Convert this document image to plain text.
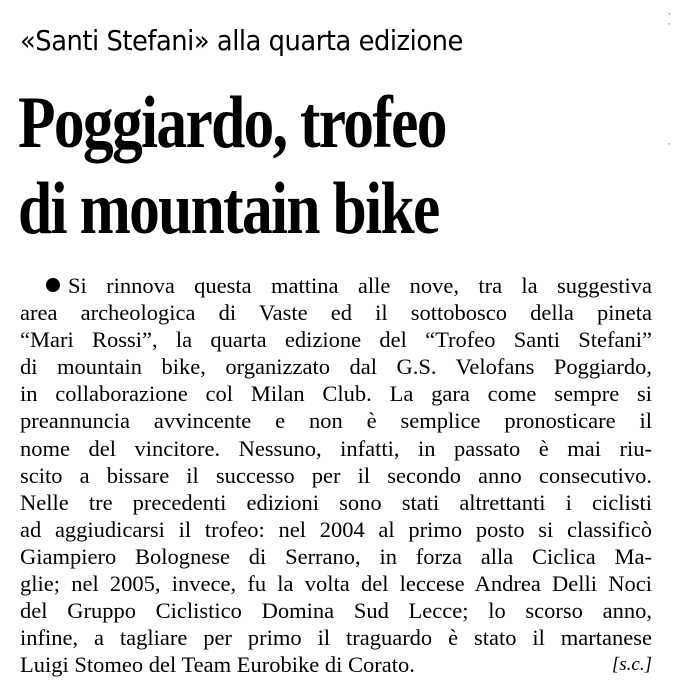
«Santi Stefani» alla quarta edizione
Poggiardo, trofeo
di mountain bike
Si rinnova questa mattina alle nove, tra la suggestiva
area archeologica di Vaste ed il sottobosco della pineta
“Mari Rossi”, la quarta edizione del “Trofeo Santi Stefani”
di mountain bike, organizzato dal G.S. Velofans Poggiardo,
in collaborazione col Milan Club. La gara come sempre si
preannuncia avvincente e non è semplice pronosticare il
nome del vincitore. Nessuno, infatti, in passato è mai riu-
scito a bissare il successo per il secondo anno consecutivo.
Nelle tre precedenti edizioni sono stati altrettanti i ciclisti
ad aggiudicarsi il trofeo: nel 2004 al primo posto si classificò
Giampiero Bolognese di Serrano, in forza alla Ciclica Ma-
glie; nel 2005, invece, fu la volta del leccese Andrea Delli Noci
del Gruppo Ciclistico Domina Sud Lecce; lo scorso anno,
infine, a tagliare per primo il traguardo è stato il martanese
Luigi Stomeo del Team Eurobike di Corato.	[s.c.]
·
·

·
